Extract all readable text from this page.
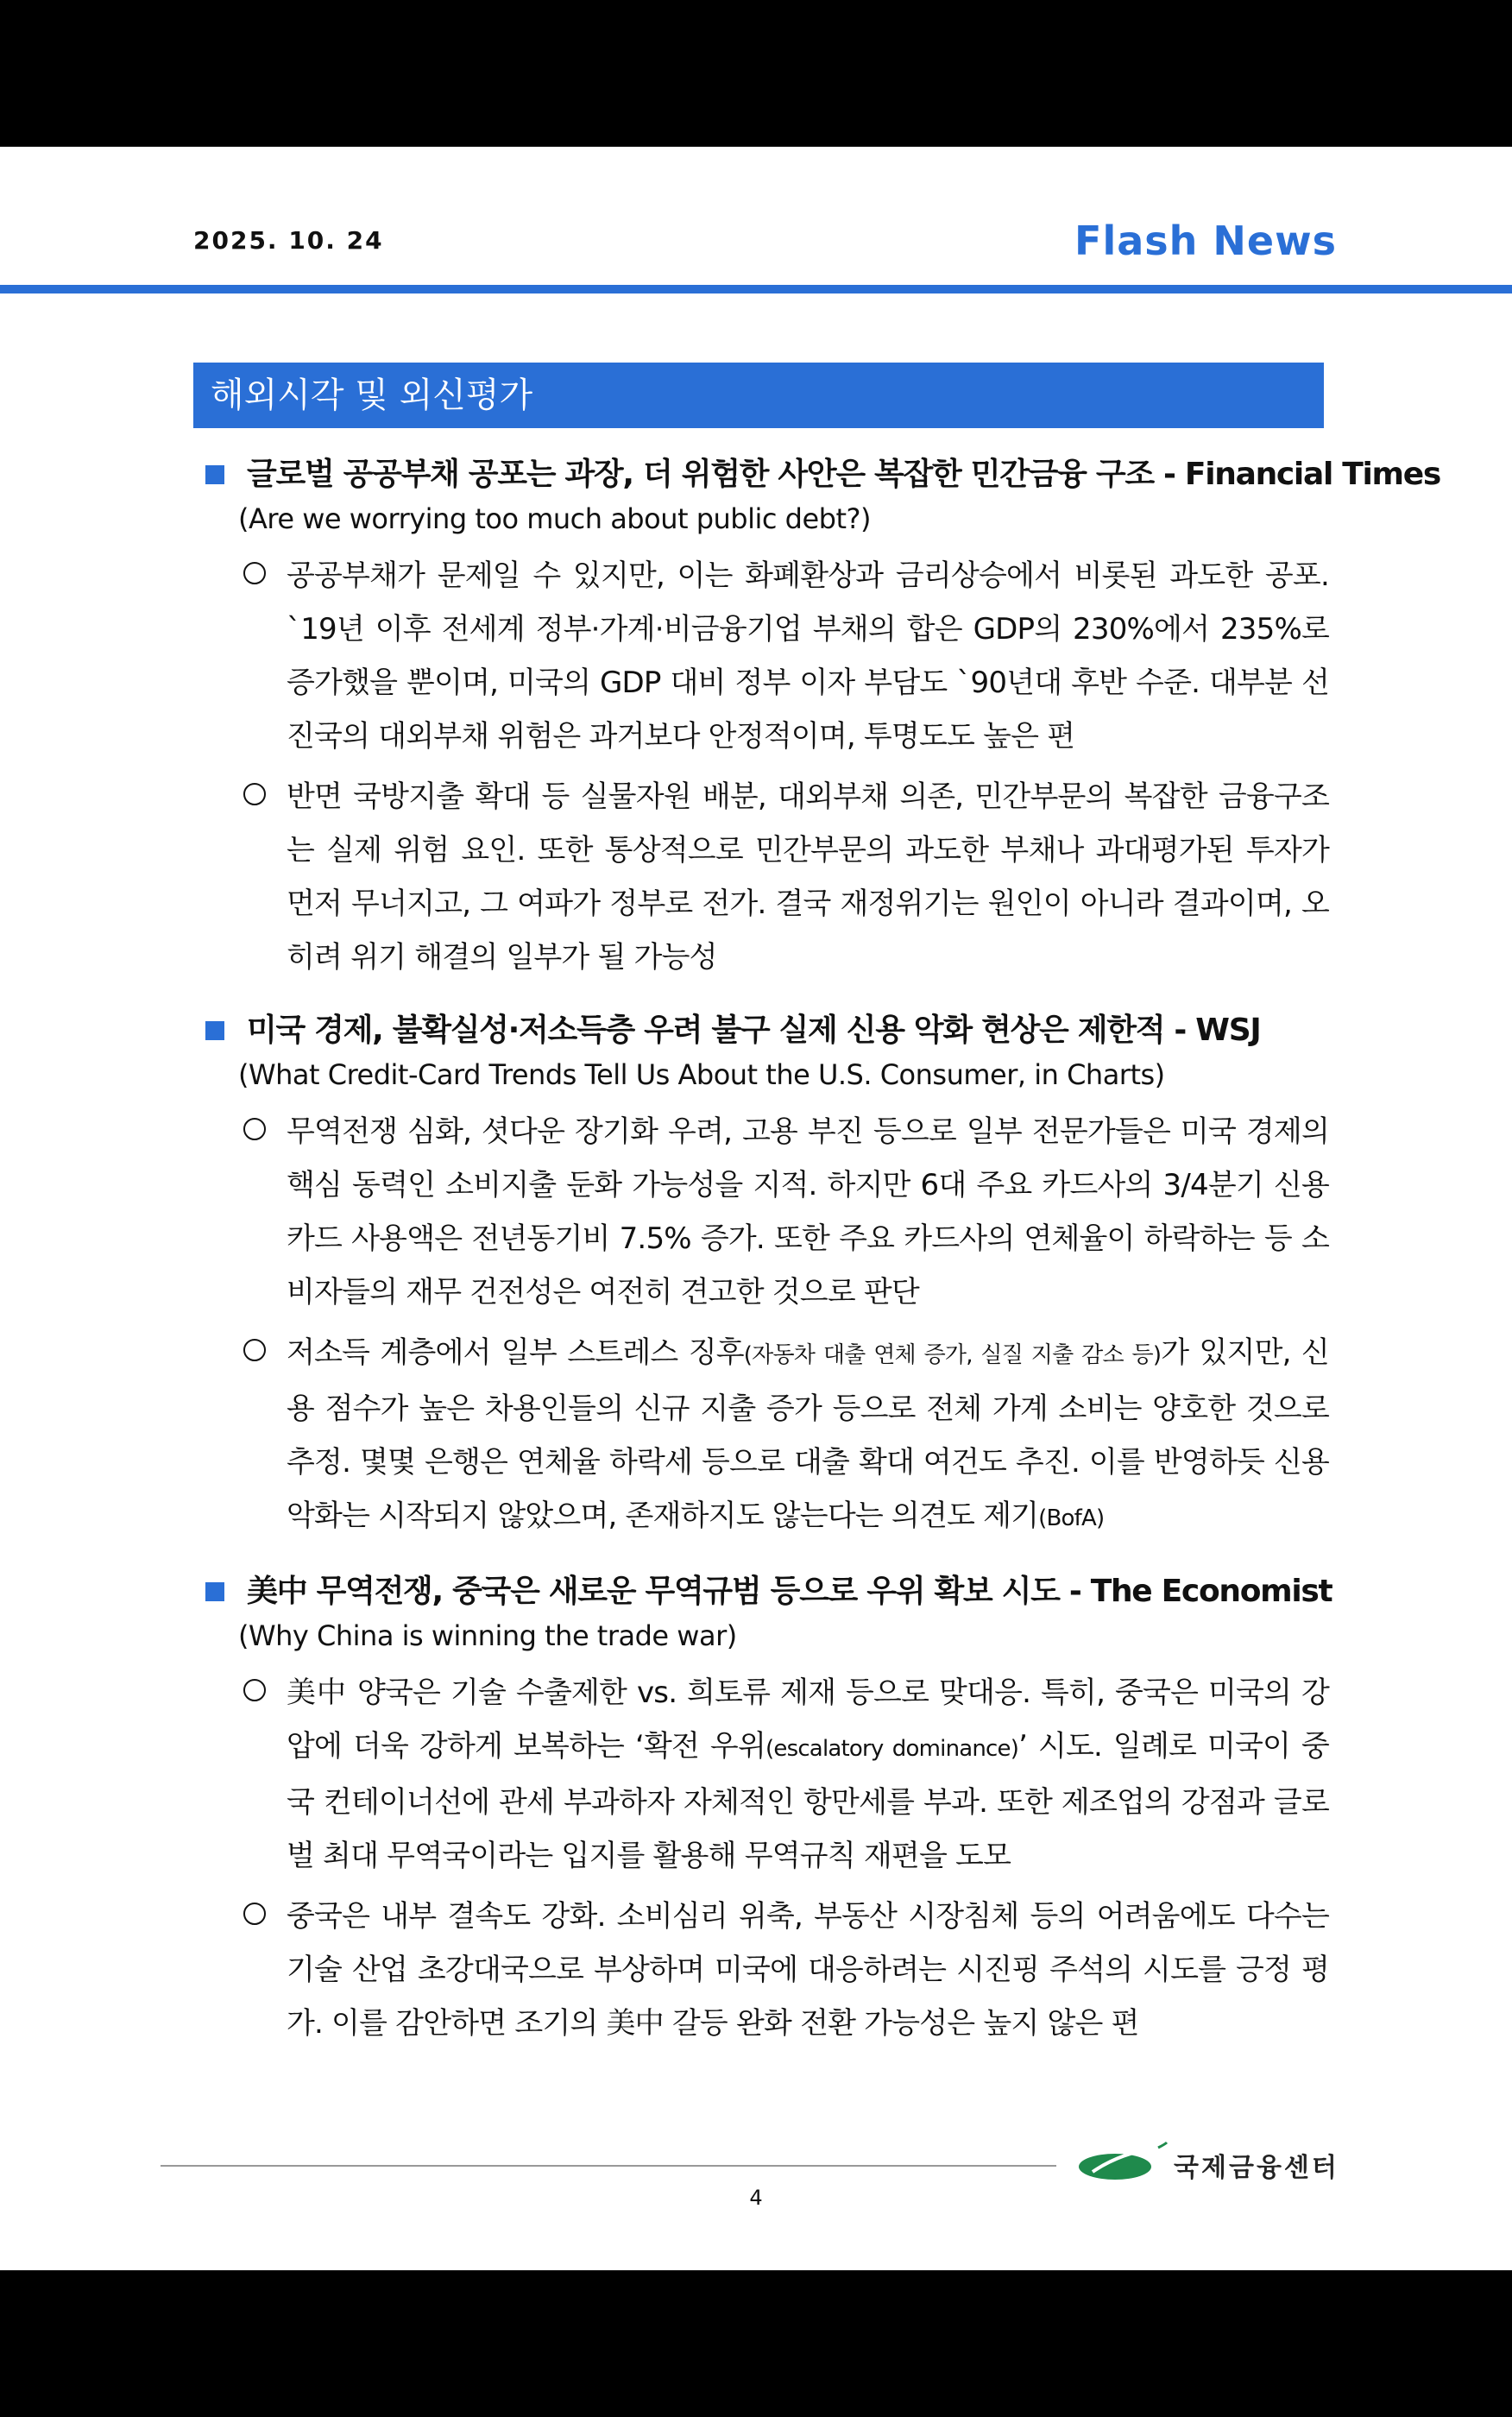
2025. 10. 24	Flash News
해외시각 및 외신평가
글로벌 공공부채 공포는 과장, 더 위험한 사안은 복잡한 민간금융 구조 - Financial Times
(Are we worrying too much about public debt?)
공공부채가 문제일 수 있지만, 이는 화폐환상과 금리상승에서 비롯된 과도한 공포. `19년 이후 전세계 정부·가계·비금융기업 부채의 합은 GDP의 230%에서 235%로 증가했을 뿐이며, 미국의 GDP 대비 정부 이자 부담도 `90년대 후반 수준. 대부분 선진국의 대외부채 위험은 과거보다 안정적이며, 투명도도 높은 편
반면 국방지출 확대 등 실물자원 배분, 대외부채 의존, 민간부문의 복잡한 금융구조는 실제 위험 요인. 또한 통상적으로 민간부문의 과도한 부채나 과대평가된 투자가 먼저 무너지고, 그 여파가 정부로 전가. 결국 재정위기는 원인이 아니라 결과이며, 오히려 위기 해결의 일부가 될 가능성
미국 경제, 불확실성·저소득층 우려 불구 실제 신용 악화 현상은 제한적 - WSJ
(What Credit-Card Trends Tell Us About the U.S. Consumer, in Charts)
무역전쟁 심화, 셧다운 장기화 우려, 고용 부진 등으로 일부 전문가들은 미국 경제의 핵심 동력인 소비지출 둔화 가능성을 지적. 하지만 6대 주요 카드사의 3/4분기 신용카드 사용액은 전년동기비 7.5% 증가. 또한 주요 카드사의 연체율이 하락하는 등 소비자들의 재무 건전성은 여전히 견고한 것으로 판단
저소득 계층에서 일부 스트레스 징후(자동차 대출 연체 증가, 실질 지출 감소 등)가 있지만, 신용 점수가 높은 차용인들의 신규 지출 증가 등으로 전체 가계 소비는 양호한 것으로 추정. 몇몇 은행은 연체율 하락세 등으로 대출 확대 여건도 추진. 이를 반영하듯 신용 악화는 시작되지 않았으며, 존재하지도 않는다는 의견도 제기(BofA)
美中 무역전쟁, 중국은 새로운 무역규범 등으로 우위 확보 시도 - The Economist
(Why China is winning the trade war)
美中 양국은 기술 수출제한 vs. 희토류 제재 등으로 맞대응. 특히, 중국은 미국의 강압에 더욱 강하게 보복하는 ‘확전 우위(escalatory dominance)’ 시도. 일례로 미국이 중국 컨테이너선에 관세 부과하자 자체적인 항만세를 부과. 또한 제조업의 강점과 글로벌 최대 무역국이라는 입지를 활용해 무역규칙 재편을 도모
중국은 내부 결속도 강화. 소비심리 위축, 부동산 시장침체 등의 어려움에도 다수는 기술 산업 초강대국으로 부상하며 미국에 대응하려는 시진핑 주석의 시도를 긍정 평가. 이를 감안하면 조기의 美中 갈등 완화 전환 가능성은 높지 않은 편
국제금융센터
4
